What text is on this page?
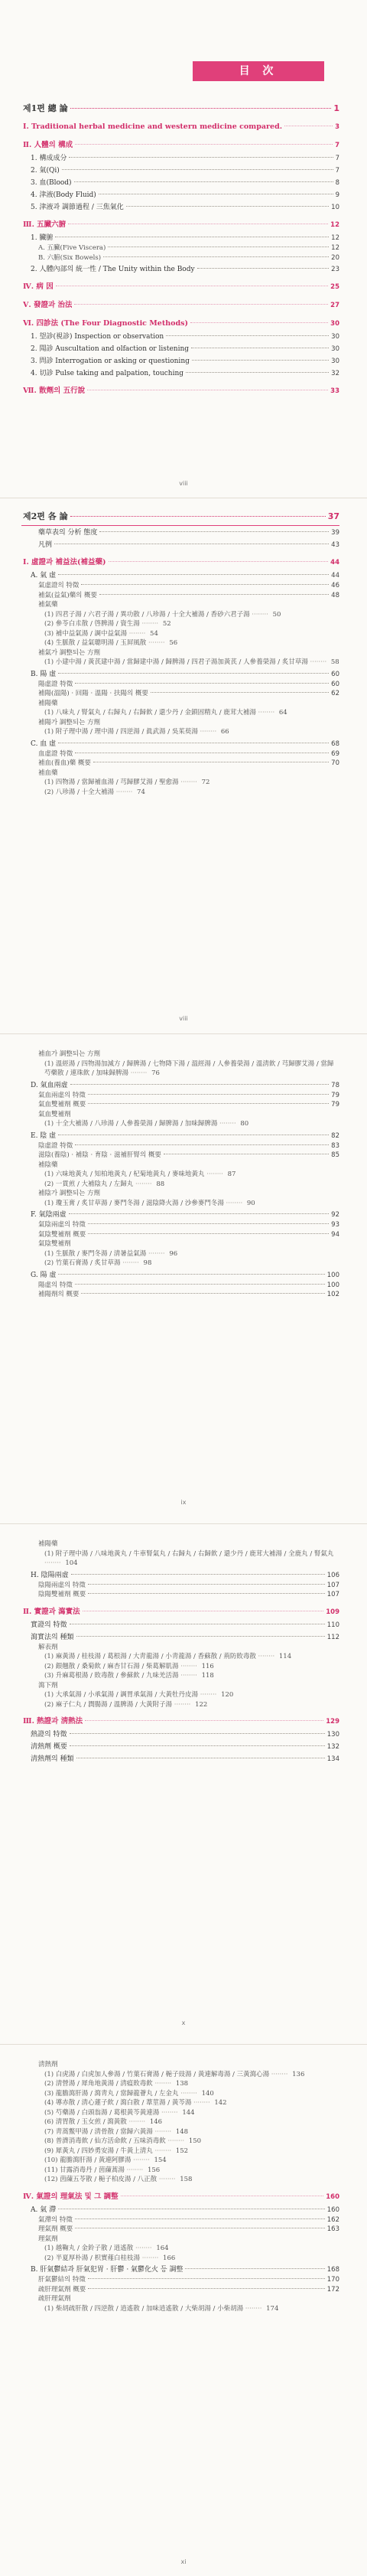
目 次
제1편 總 論	1
Ⅰ. Traditional herbal medicine and western medicine compared.	3
Ⅱ. 人體의 構成	7
1. 構成成分	7
2. 氣(Qi)	7
3. 血(Blood)	8
4. 津液(Body Fluid)	9
5. 津液과 調節過程 / 三焦氣化	10
Ⅲ. 五臟六腑	12
1. 臟腑	12
A. 五臟(Five Viscera)	12
B. 六腑(Six Bowels)	20
2. 人體內部의 統一性 / The Unity within the Body	23
Ⅳ. 病 因	25
Ⅴ. 發證과 治法	27
Ⅵ. 四診法 (The Four Diagnostic Methods)	30
1. 望診(視診) Inspection or observation	30
2. 聞診 Auscultation and olfaction or listening	30
3. 問診 Interrogation or asking or questioning	30
4. 切診 Pulse taking and palpation, touching	32
Ⅶ. 散劑의 五行說	33
viii
제2편 各 論	37
藥草表의 分析 態度	39
凡例	43
Ⅰ. 虛證과 補益法(補益藥)	44
A. 氣 虛	44
氣虛證의 特徵	46
補氣(益氣)藥의 概要	48
補氣藥
(1) 四君子湯 / 六君子湯 / 異功散 / 八珍湯 / 十全大補湯 / 香砂六君子湯 ········ 50
(2) 參苓白朮散 / 啓脾湯 / 資生湯 ········ 52
(3) 補中益氣湯 / 調中益氣湯 ········ 54
(4) 生脈散 / 益氣聰明湯 / 玉屛風散 ········ 56
補氣가 調整되는 方劑
(1) 小建中湯 / 黃芪建中湯 / 當歸建中湯 / 歸脾湯 / 四君子湯加黃芪 / 人參養榮湯 / 炙甘草湯 ········ 58
B. 陽 虛	60
陽虛證 特徵	60
補陽(溫陽) · 回陽 · 溫陽 · 扶陽의 概要	62
補陽藥
(1) 八味丸 / 腎氣丸 / 右歸丸 / 右歸飮 / 還少丹 / 金鎖固精丸 / 鹿茸大補湯 ········ 64
補陽가 調整되는 方劑
(1) 附子理中湯 / 理中湯 / 四逆湯 / 眞武湯 / 吳茱萸湯 ········ 66
C. 血 虛	68
血虛證 特徵	69
補血(養血)藥 概要	70
補血藥
(1) 四物湯 / 當歸補血湯 / 芎歸膠艾湯 / 聖愈湯 ········ 72
(2) 八珍湯 / 十全大補湯 ········ 74
viii
補血가 調整되는 方劑
(1) 溫經湯 / 四物湯加減方 / 歸脾湯 / 七物降下湯 / 溫經湯 / 人參養榮湯 / 溫淸飮 / 芎歸膠艾湯 / 當歸芍藥散 / 連珠飮 / 加味歸脾湯 ········ 76
D. 氣血兩虛	78
氣血兩虛의 特徵	79
氣血雙補劑 概要	79
氣血雙補劑
(1) 十全大補湯 / 八珍湯 / 人參養榮湯 / 歸脾湯 / 加味歸脾湯 ········ 80
E. 陰 虛	82
陰虛證 特徵	83
滋陰(養陰) · 補陰 · 育陰 · 滋補肝腎의 概要	85
補陰藥
(1) 六味地黃丸 / 知柏地黃丸 / 杞菊地黃丸 / 麥味地黃丸 ········ 87
(2) 一貫煎 / 大補陰丸 / 左歸丸 ········ 88
補陰가 調整되는 方劑
(1) 瓊玉膏 / 炙甘草湯 / 麥門冬湯 / 滋陰降火湯 / 沙參麥門冬湯 ········ 90
F. 氣陰兩虛	92
氣陰兩虛의 特徵	93
氣陰雙補劑 概要	94
氣陰雙補劑
(1) 生脈散 / 麥門冬湯 / 淸暑益氣湯 ········ 96
(2) 竹葉石膏湯 / 炙甘草湯 ········ 98
G. 陽 虛	100
陽虛의 特徵	100
補陽劑의 概要	102
ix
補陽藥
(1) 附子理中湯 / 八味地黃丸 / 牛車腎氣丸 / 右歸丸 / 右歸飮 / 還少丹 / 鹿茸大補湯 / 全鹿丸 / 腎氣丸 ········ 104
H. 陰陽兩虛	106
陰陽兩虛의 特徵	107
陰陽雙補劑 概要	107
Ⅱ. 實證과 瀉實法	109
實證의 特徵	110
瀉實法의 種類	112
解表劑
(1) 麻黃湯 / 桂枝湯 / 葛根湯 / 大靑龍湯 / 小靑龍湯 / 香蘇散 / 荊防敗毒散 ········ 114
(2) 銀翹散 / 桑菊飮 / 麻杏甘石湯 / 柴葛解肌湯 ········ 116
(3) 升麻葛根湯 / 敗毒散 / 參蘇飮 / 九味羌活湯 ········ 118
瀉下劑
(1) 大承氣湯 / 小承氣湯 / 調胃承氣湯 / 大黃牡丹皮湯 ········ 120
(2) 麻子仁丸 / 潤腸湯 / 溫脾湯 / 大黃附子湯 ········ 122
Ⅲ. 熱證과 淸熱法	129
熱證의 特徵	130
淸熱劑 概要	132
淸熱劑의 種類	134
x
淸熱劑
(1) 白虎湯 / 白虎加人參湯 / 竹葉石膏湯 / 梔子豉湯 / 黃連解毒湯 / 三黃瀉心湯 ········ 136
(2) 淸營湯 / 犀角地黃湯 / 淸瘟敗毒飮 ········ 138
(3) 龍膽瀉肝湯 / 瀉靑丸 / 當歸龍薈丸 / 左金丸 ········ 140
(4) 導赤散 / 淸心蓮子飮 / 瀉白散 / 葦莖湯 / 黃芩湯 ········ 142
(5) 芍藥湯 / 白頭翁湯 / 葛根黃芩黃連湯 ········ 144
(6) 淸胃散 / 玉女煎 / 瀉黃散 ········ 146
(7) 靑蒿鱉甲湯 / 淸骨散 / 當歸六黃湯 ········ 148
(8) 普濟消毒飮 / 仙方活命飮 / 五味消毒飮 ········ 150
(9) 犀黃丸 / 四妙勇安湯 / 牛黃上淸丸 ········ 152
(10) 龍膽瀉肝湯 / 黃連阿膠湯 ········ 154
(11) 甘露消毒丹 / 茵蔯蒿湯 ········ 156
(12) 茵蔯五苓散 / 梔子柏皮湯 / 八正散 ········ 158
Ⅳ. 氣證의 理氣法 및 그 調整	160
A. 氣 滯	160
氣滯의 特徵	162
理氣劑 概要	163
理氣劑
(1) 越鞠丸 / 金鈴子散 / 逍遙散 ········ 164
(2) 半夏厚朴湯 / 枳實薤白桂枝湯 ········ 166
B. 肝氣鬱結과 肝氣犯胃 · 肝鬱 · 氣鬱化火 등 調整	168
肝氣鬱結의 特徵	170
疏肝理氣劑 概要	172
疏肝理氣劑
(1) 柴胡疏肝散 / 四逆散 / 逍遙散 / 加味逍遙散 / 大柴胡湯 / 小柴胡湯 ········ 174
xi
